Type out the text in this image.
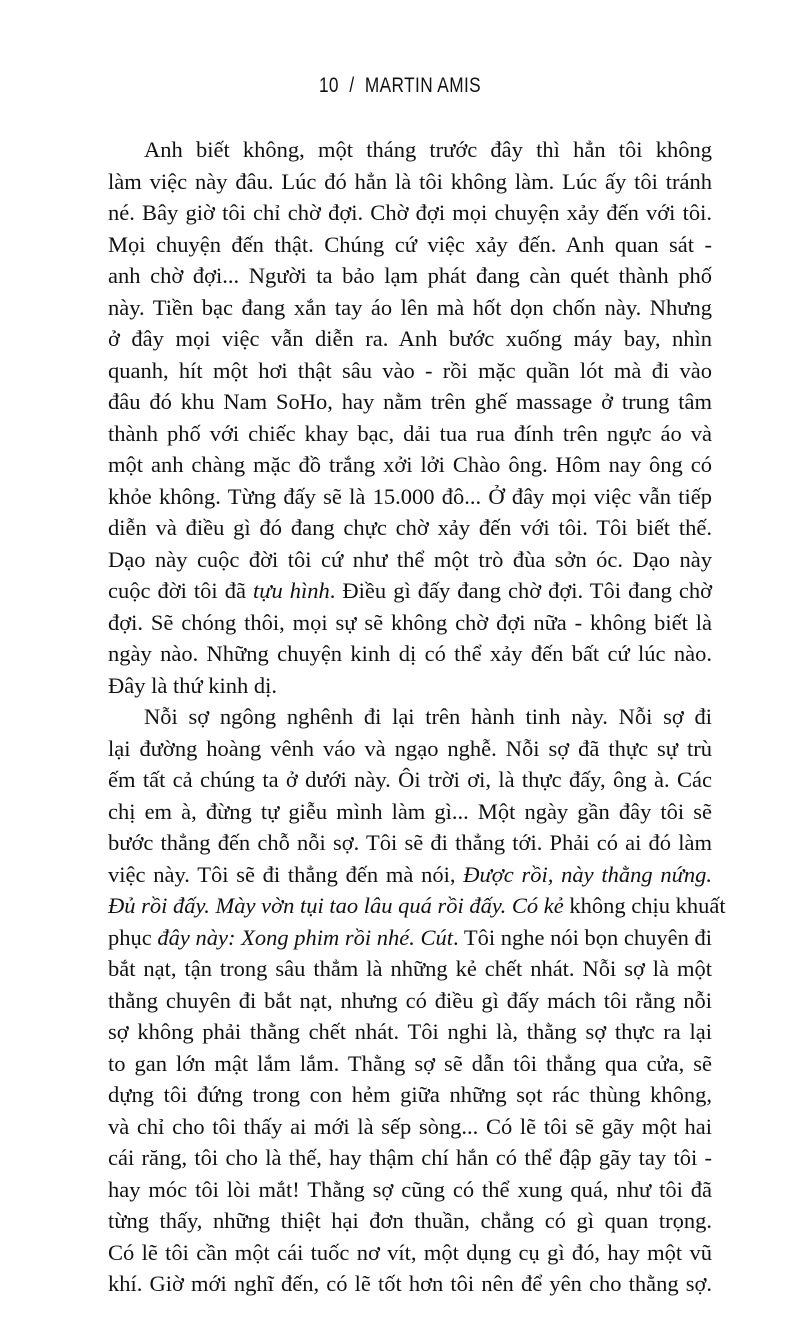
10 / MARTIN AMIS
Anh biết không, một tháng trước đây thì hẳn tôi không
làm việc này đâu. Lúc đó hẳn là tôi không làm. Lúc ấy tôi tránh
né. Bây giờ tôi chỉ chờ đợi. Chờ đợi mọi chuyện xảy đến với tôi.
Mọi chuyện đến thật. Chúng cứ việc xảy đến. Anh quan sát -
anh chờ đợi... Người ta bảo lạm phát đang càn quét thành phố
này. Tiền bạc đang xắn tay áo lên mà hốt dọn chốn này. Nhưng
ở đây mọi việc vẫn diễn ra. Anh bước xuống máy bay, nhìn
quanh, hít một hơi thật sâu vào - rồi mặc quần lót mà đi vào
đâu đó khu Nam SoHo, hay nằm trên ghế massage ở trung tâm
thành phố với chiếc khay bạc, dải tua rua đính trên ngực áo và
một anh chàng mặc đồ trắng xởi lởi Chào ông. Hôm nay ông có
khỏe không. Từng đấy sẽ là 15.000 đô... Ở đây mọi việc vẫn tiếp
diễn và điều gì đó đang chực chờ xảy đến với tôi. Tôi biết thế.
Dạo này cuộc đời tôi cứ như thể một trò đùa sởn óc. Dạo này
cuộc đời tôi đã tựu hình. Điều gì đấy đang chờ đợi. Tôi đang chờ
đợi. Sẽ chóng thôi, mọi sự sẽ không chờ đợi nữa - không biết là
ngày nào. Những chuyện kinh dị có thể xảy đến bất cứ lúc nào.
Đây là thứ kinh dị.
Nỗi sợ ngông nghênh đi lại trên hành tinh này. Nỗi sợ đi
lại đường hoàng vênh váo và ngạo nghễ. Nỗi sợ đã thực sự trù
ếm tất cả chúng ta ở dưới này. Ôi trời ơi, là thực đấy, ông à. Các
chị em à, đừng tự giễu mình làm gì... Một ngày gần đây tôi sẽ
bước thẳng đến chỗ nỗi sợ. Tôi sẽ đi thẳng tới. Phải có ai đó làm
việc này. Tôi sẽ đi thẳng đến mà nói, Được rồi, này thằng nứng.
Đủ rồi đấy. Mày vờn tụi tao lâu quá rồi đấy. Có kẻ không chịu khuất
phục đây này: Xong phim rồi nhé. Cút. Tôi nghe nói bọn chuyên đi
bắt nạt, tận trong sâu thẳm là những kẻ chết nhát. Nỗi sợ là một
thằng chuyên đi bắt nạt, nhưng có điều gì đấy mách tôi rằng nỗi
sợ không phải thằng chết nhát. Tôi nghi là, thằng sợ thực ra lại
to gan lớn mật lắm lắm. Thằng sợ sẽ dẫn tôi thẳng qua cửa, sẽ
dựng tôi đứng trong con hẻm giữa những sọt rác thùng không,
và chỉ cho tôi thấy ai mới là sếp sòng... Có lẽ tôi sẽ gãy một hai
cái răng, tôi cho là thế, hay thậm chí hắn có thể đập gãy tay tôi -
hay móc tôi lòi mắt! Thằng sợ cũng có thể xung quá, như tôi đã
từng thấy, những thiệt hại đơn thuần, chẳng có gì quan trọng.
Có lẽ tôi cần một cái tuốc nơ vít, một dụng cụ gì đó, hay một vũ
khí. Giờ mới nghĩ đến, có lẽ tốt hơn tôi nên để yên cho thằng sợ.
